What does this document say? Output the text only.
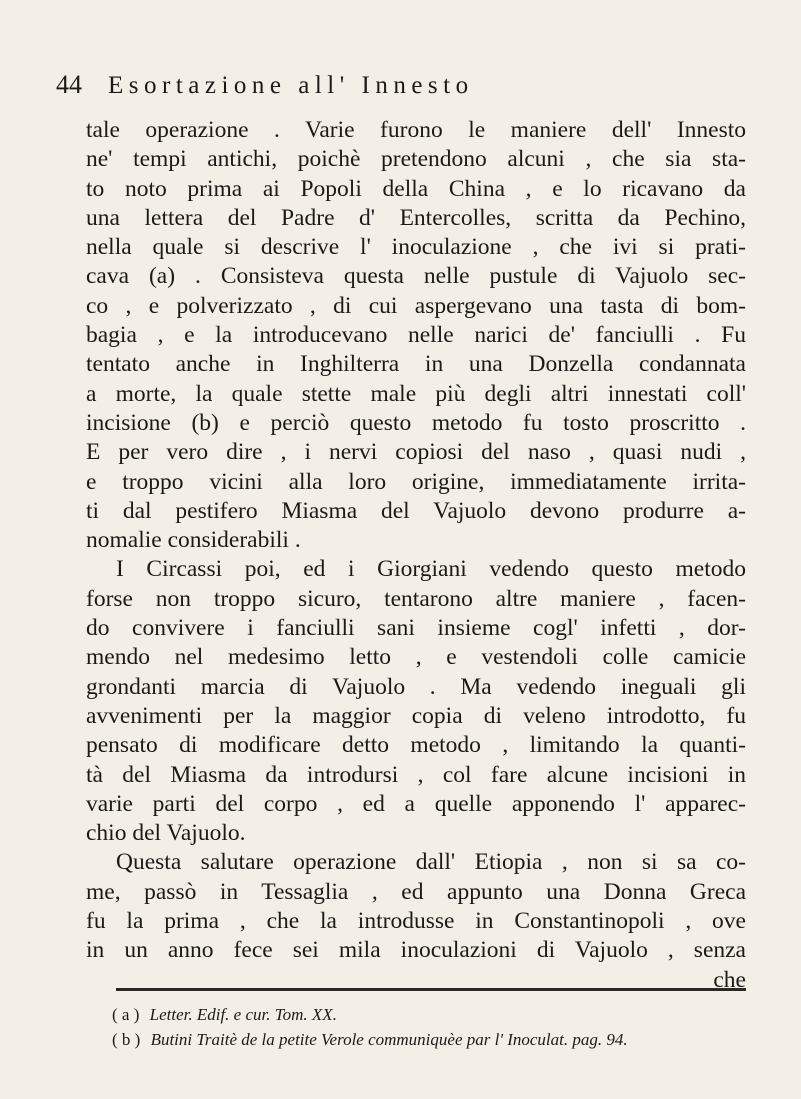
44	Esortazione all' Innesto
tale operazione . Varie furono le maniere dell' Innesto
ne' tempi antichi, poichè pretendono alcuni , che sia sta-
to noto prima ai Popoli della China , e lo ricavano da
una lettera del Padre d' Entercolles, scritta da Pechino,
nella quale si descrive l' inoculazione , che ivi si prati-
cava (a) . Consisteva questa nelle pustule di Vajuolo sec-
co , e polverizzato , di cui aspergevano una tasta di bom-
bagia , e la introducevano nelle narici de' fanciulli . Fu
tentato anche in Inghilterra in una Donzella condannata
a morte, la quale stette male più degli altri innestati coll'
incisione (b) e perciò questo metodo fu tosto proscritto .
E per vero dire , i nervi copiosi del naso , quasi nudi ,
e troppo vicini alla loro origine, immediatamente irrita-
ti dal pestifero Miasma del Vajuolo devono produrre a-
nomalie considerabili .
I Circassi poi, ed i Giorgiani vedendo questo metodo
forse non troppo sicuro, tentarono altre maniere , facen-
do convivere i fanciulli sani insieme cogl' infetti , dor-
mendo nel medesimo letto , e vestendoli colle camicie
grondanti marcia di Vajuolo . Ma vedendo ineguali gli
avvenimenti per la maggior copia di veleno introdotto, fu
pensato di modificare detto metodo , limitando la quanti-
tà del Miasma da introdursi , col fare alcune incisioni in
varie parti del corpo , ed a quelle apponendo l' apparec-
chio del Vajuolo.
Questa salutare operazione dall' Etiopia , non si sa co-
me, passò in Tessaglia , ed appunto una Donna Greca
fu la prima , che la introdusse in Constantinopoli , ove
in un anno fece sei mila inoculazioni di Vajuolo , senza
che
( a ) Letter. Edif. e cur. Tom. XX.
( b ) Butini Traitè de la petite Verole communiquèe par l' Inoculat. pag. 94.
